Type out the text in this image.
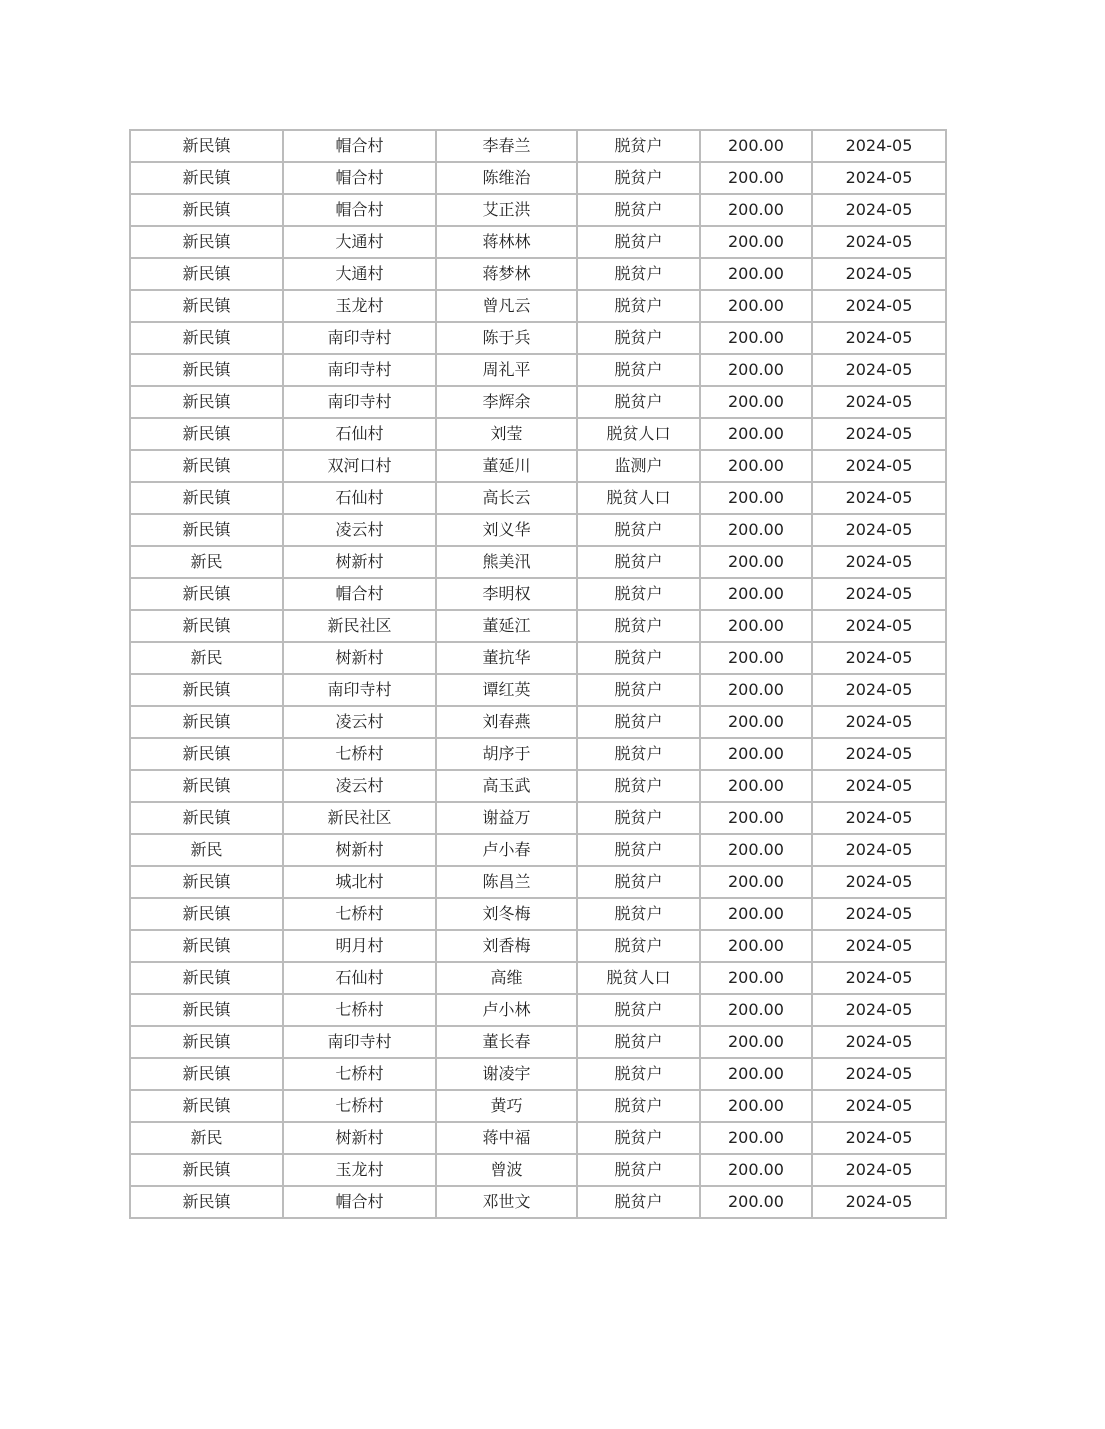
新民镇	帽合村	李春兰	脱贫户	200.00	2024-05
新民镇	帽合村	陈维治	脱贫户	200.00	2024-05
新民镇	帽合村	艾正洪	脱贫户	200.00	2024-05
新民镇	大通村	蒋林林	脱贫户	200.00	2024-05
新民镇	大通村	蒋梦林	脱贫户	200.00	2024-05
新民镇	玉龙村	曾凡云	脱贫户	200.00	2024-05
新民镇	南印寺村	陈于兵	脱贫户	200.00	2024-05
新民镇	南印寺村	周礼平	脱贫户	200.00	2024-05
新民镇	南印寺村	李辉余	脱贫户	200.00	2024-05
新民镇	石仙村	刘莹	脱贫人口	200.00	2024-05
新民镇	双河口村	董延川	监测户	200.00	2024-05
新民镇	石仙村	高长云	脱贫人口	200.00	2024-05
新民镇	凌云村	刘义华	脱贫户	200.00	2024-05
新民	树新村	熊美汛	脱贫户	200.00	2024-05
新民镇	帽合村	李明权	脱贫户	200.00	2024-05
新民镇	新民社区	董延江	脱贫户	200.00	2024-05
新民	树新村	董抗华	脱贫户	200.00	2024-05
新民镇	南印寺村	谭红英	脱贫户	200.00	2024-05
新民镇	凌云村	刘春燕	脱贫户	200.00	2024-05
新民镇	七桥村	胡序于	脱贫户	200.00	2024-05
新民镇	凌云村	高玉武	脱贫户	200.00	2024-05
新民镇	新民社区	谢益万	脱贫户	200.00	2024-05
新民	树新村	卢小春	脱贫户	200.00	2024-05
新民镇	城北村	陈昌兰	脱贫户	200.00	2024-05
新民镇	七桥村	刘冬梅	脱贫户	200.00	2024-05
新民镇	明月村	刘香梅	脱贫户	200.00	2024-05
新民镇	石仙村	高维	脱贫人口	200.00	2024-05
新民镇	七桥村	卢小林	脱贫户	200.00	2024-05
新民镇	南印寺村	董长春	脱贫户	200.00	2024-05
新民镇	七桥村	谢凌宇	脱贫户	200.00	2024-05
新民镇	七桥村	黄巧	脱贫户	200.00	2024-05
新民	树新村	蒋中福	脱贫户	200.00	2024-05
新民镇	玉龙村	曾波	脱贫户	200.00	2024-05
新民镇	帽合村	邓世文	脱贫户	200.00	2024-05
